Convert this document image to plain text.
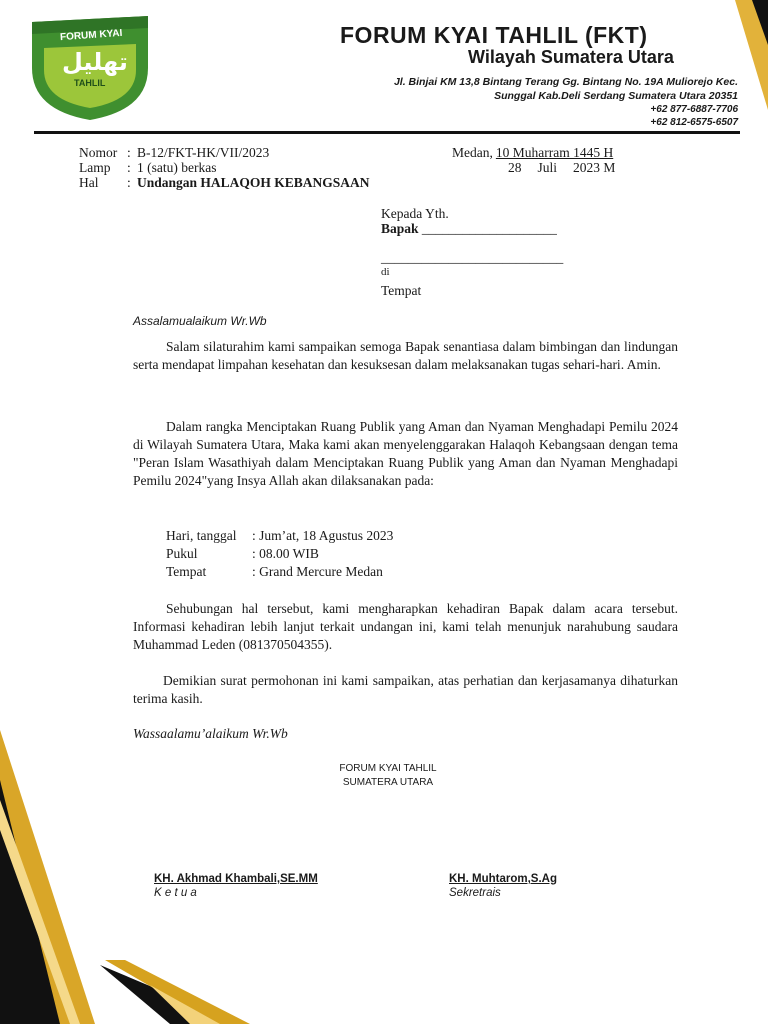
FORUM KYAI
تهليل
TAHLIL
FORUM KYAI TAHLIL (FKT)
Wilayah Sumatera Utara
Jl. Binjai KM 13,8 Bintang Terang Gg. Bintang No. 19A Muliorejo Kec.
Sunggal Kab.Deli Serdang Sumatera Utara 20351
+62 877-6887-7706
+62 812-6575-6507
Nomor : B-12/FKT-HK/VII/2023
Lamp : 1 (satu) berkas
Hal : Undangan HALAQOH KEBANGSAAN
Medan, 10 Muharram 1445 H
28 Juli 2023 M
Kepada Yth.
Bapak ____________________
___________________________
di
Tempat
Assalamualaikum Wr.Wb
Salam silaturahim kami sampaikan semoga Bapak senantiasa dalam bimbingan dan lindungan serta mendapat limpahan kesehatan dan kesuksesan dalam melaksanakan tugas sehari-hari. Amin.
Dalam rangka Menciptakan Ruang Publik yang Aman dan Nyaman Menghadapi Pemilu 2024 di Wilayah Sumatera Utara, Maka kami akan menyelenggarakan Halaqoh Kebangsaan dengan tema "Peran Islam Wasathiyah dalam Menciptakan Ruang Publik yang Aman dan Nyaman Menghadapi Pemilu 2024"yang Insya Allah akan dilaksanakan pada:
Hari, tanggal : Jum’at, 18 Agustus 2023
Pukul	: 08.00 WIB
Tempat	: Grand Mercure Medan
Sehubungan hal tersebut, kami mengharapkan kehadiran Bapak dalam acara tersebut. Informasi kehadiran lebih lanjut terkait undangan ini, kami telah menunjuk narahubung saudara Muhammad Leden (081370504355).
Demikian surat permohonan ini kami sampaikan, atas perhatian dan kerjasamanya dihaturkan terima kasih.
Wassaalamu’alaikum Wr.Wb
FORUM KYAI TAHLIL
SUMATERA UTARA
KH. Akhmad Khambali,SE.MM
K e t u a
KH. Muhtarom,S.Ag
Sekretrais
